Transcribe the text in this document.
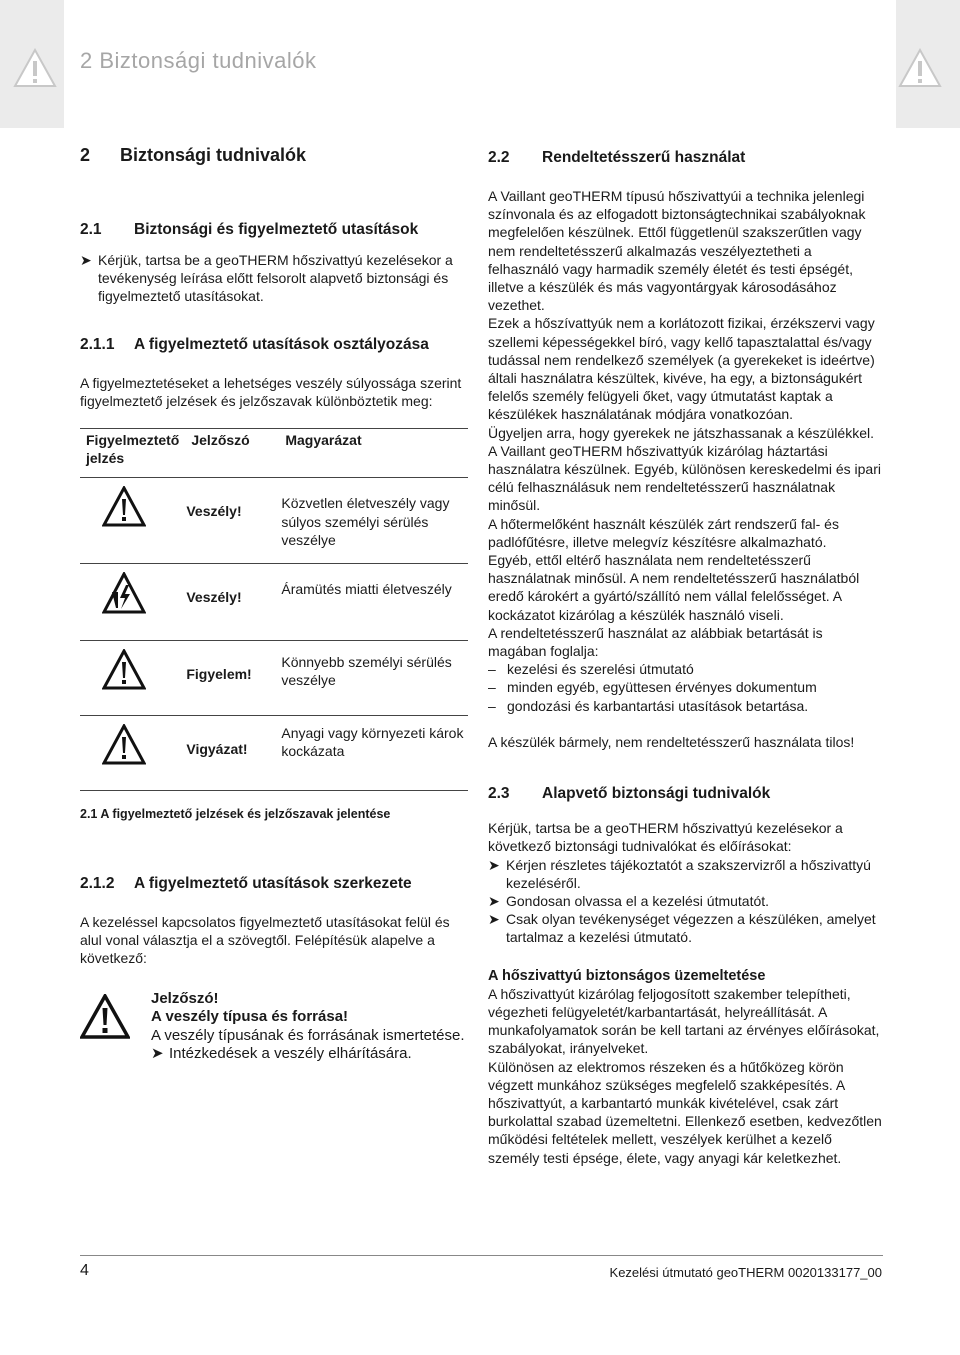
2 Biztonsági tudnivalók
2 Biztonsági tudnivalók
2.1 Biztonsági és figyelmeztető utasítások
➤ Kérjük, tartsa be a geoTHERM hőszivattyú kezelésekor a tevékenység leírása előtt felsorolt alapvető biztonsági és figyelmeztető utasításokat.
2.1.1 A figyelmeztető utasítások osztályozása

A figyelmeztetéseket a lehetséges veszély súlyossága szerint figyelmeztető jelzések és jelzőszavak különböztetik meg:

Figyelmeztető jelzés	Jelzőszó	Magyarázat

	Veszély!	Közvetlen életveszély vagy súlyos személyi sérülés veszélye

	Veszély!	Áramütés miatti életveszély

	Figyelem!	Könnyebb személyi sérülés veszélye

	Vigyázat!	Anyagi vagy környezeti károk kockázata
2.1 A figyelmeztető jelzések és jelzőszavak jelentése
2.1.2 A figyelmeztető utasítások szerkezete

A kezeléssel kapcsolatos figyelmeztető utasításokat felül és alul vonal választja el a szövegtől. Felépítésük alapelve a következő:

Jelzőszó!
A veszély típusa és forrása!
A veszély típusának és forrásának ismertetése.
➤ Intézkedések a veszély elhárítására.
2.2 Rendeltetésszerű használat

A Vaillant geoTHERM típusú hőszivattyúi a technika jelenlegi színvonala és az elfogadott biztonságtechnikai szabályoknak megfelelően készülnek. Ettől függetlenül szakszerűtlen vagy nem rendeltetésszerű alkalmazás veszélyeztetheti a felhasználó vagy harmadik személy életét és testi épségét, illetve a készülék és más vagyontárgyak károsodásához vezethet.

Ezek a hőszívattyúk nem a korlátozott fizikai, érzékszervi vagy szellemi képességekkel bíró, vagy kellő tapasztalattal és/vagy tudással nem rendelkező személyek (a gyerekeket is ideértve) általi használatra készültek, kivéve, ha egy, a biztonságukért felelős személy felügyeli őket, vagy útmutatást kaptak a készülékek használatának módjára vonatkozóan.

Ügyeljen arra, hogy gyerekek ne játszhassanak a készülékkel.

A Vaillant geoTHERM hőszivattyúk kizárólag háztartási használatra készülnek. Egyéb, különösen kereskedelmi és ipari célú felhasználásuk nem rendeltetésszerű használatnak minősül.

A hőtermelőként használt készülék zárt rendszerű fal- és padlófűtésre, illetve melegvíz készítésre alkalmazható.

Egyéb, ettől eltérő használata nem rendeltetésszerű használatnak minősül. A nem rendeltetésszerű használatból eredő károkért a gyártó/szállító nem vállal felelősséget. A kockázatot kizárólag a készülék használó viseli.

A rendeltetésszerű használat az alábbiak betartását is magában foglalja:

– kezelési és szerelési útmutató
– minden egyéb, együttesen érvényes dokumentum
– gondozási és karbantartási utasítások betartása.

A készülék bármely, nem rendeltetésszerű használata tilos!

2.3 Alapvető biztonsági tudnivalók

Kérjük, tartsa be a geoTHERM hőszivattyú kezelésekor a következő biztonsági tudnivalókat és előírásokat:

➤ Kérjen részletes tájékoztatót a szakszervizről a hőszivattyú kezeléséről.
➤ Gondosan olvassa el a kezelési útmutatót.
➤ Csak olyan tevékenységet végezzen a készüléken, amelyet tartalmaz a kezelési útmutató.
A hőszivattyú biztonságos üzemeltetése

A hőszivattyút kizárólag feljogosított szakember telepítheti, végezheti felügyeletét/karbantartását, helyreállítását. A munkafolyamatok során be kell tartani az érvényes előírásokat, szabályokat, irányelveket.

Különösen az elektromos részeken és a hűtőközeg körön végzett munkához szükséges megfelelő szakképesítés. A hőszivattyút, a karbantartó munkák kivételével, csak zárt burkolattal szabad üzemeltetni. Ellenkező esetben, kedvezőtlen működési feltételek mellett, veszélyek kerülhet a kezelő személy testi épsége, élete, vagy anyagi kár keletkezhet.

4	Kezelési útmutató geoTHERM 0020133177_00
